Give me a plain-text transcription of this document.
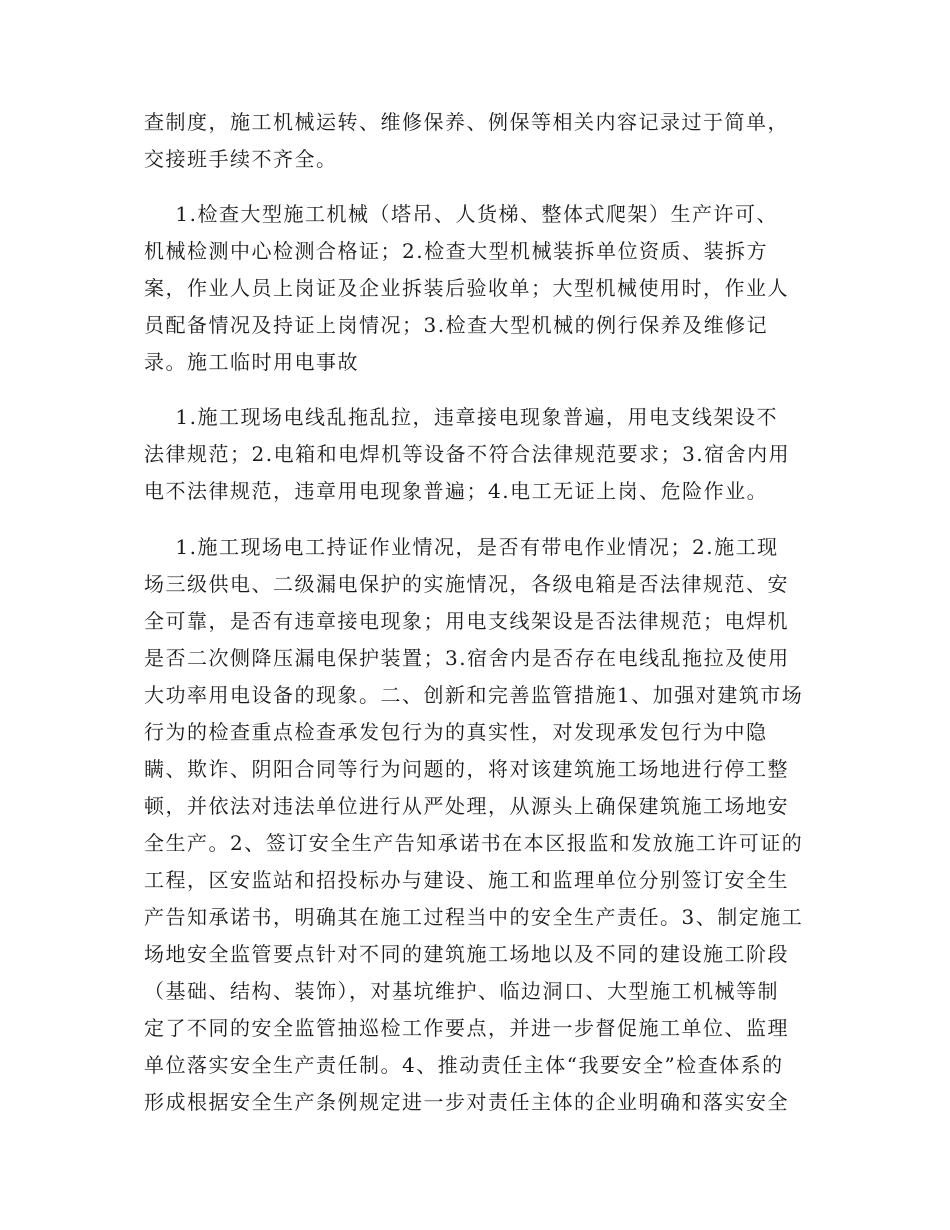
查制度，施工机械运转、维修保养、例保等相关内容记录过于简单，
交接班手续不齐全。
1.检查大型施工机械（塔吊、人货梯、整体式爬架）生产许可、
机械检测中心检测合格证；2.检查大型机械装拆单位资质、装拆方
案，作业人员上岗证及企业拆装后验收单；大型机械使用时，作业人
员配备情况及持证上岗情况；3.检查大型机械的例行保养及维修记
录。施工临时用电事故
1.施工现场电线乱拖乱拉，违章接电现象普遍，用电支线架设不
法律规范；2.电箱和电焊机等设备不符合法律规范要求；3.宿舍内用
电不法律规范，违章用电现象普遍；4.电工无证上岗、危险作业。
1.施工现场电工持证作业情况，是否有带电作业情况；2.施工现
场三级供电、二级漏电保护的实施情况，各级电箱是否法律规范、安
全可靠，是否有违章接电现象；用电支线架设是否法律规范；电焊机
是否二次侧降压漏电保护装置；3.宿舍内是否存在电线乱拖拉及使用
大功率用电设备的现象。二、创新和完善监管措施1、加强对建筑市场
行为的检查重点检查承发包行为的真实性，对发现承发包行为中隐
瞒、欺诈、阴阳合同等行为问题的，将对该建筑施工场地进行停工整
顿，并依法对违法单位进行从严处理，从源头上确保建筑施工场地安
全生产。2、签订安全生产告知承诺书在本区报监和发放施工许可证的
工程，区安监站和招投标办与建设、施工和监理单位分别签订安全生
产告知承诺书，明确其在施工过程当中的安全生产责任。3、制定施工
场地安全监管要点针对不同的建筑施工场地以及不同的建设施工阶段
（基础、结构、装饰），对基坑维护、临边洞口、大型施工机械等制
定了不同的安全监管抽巡检工作要点，并进一步督促施工单位、监理
单位落实安全生产责任制。4、推动责任主体“我要安全”检查体系的
形成根据安全生产条例规定进一步对责任主体的企业明确和落实安全
